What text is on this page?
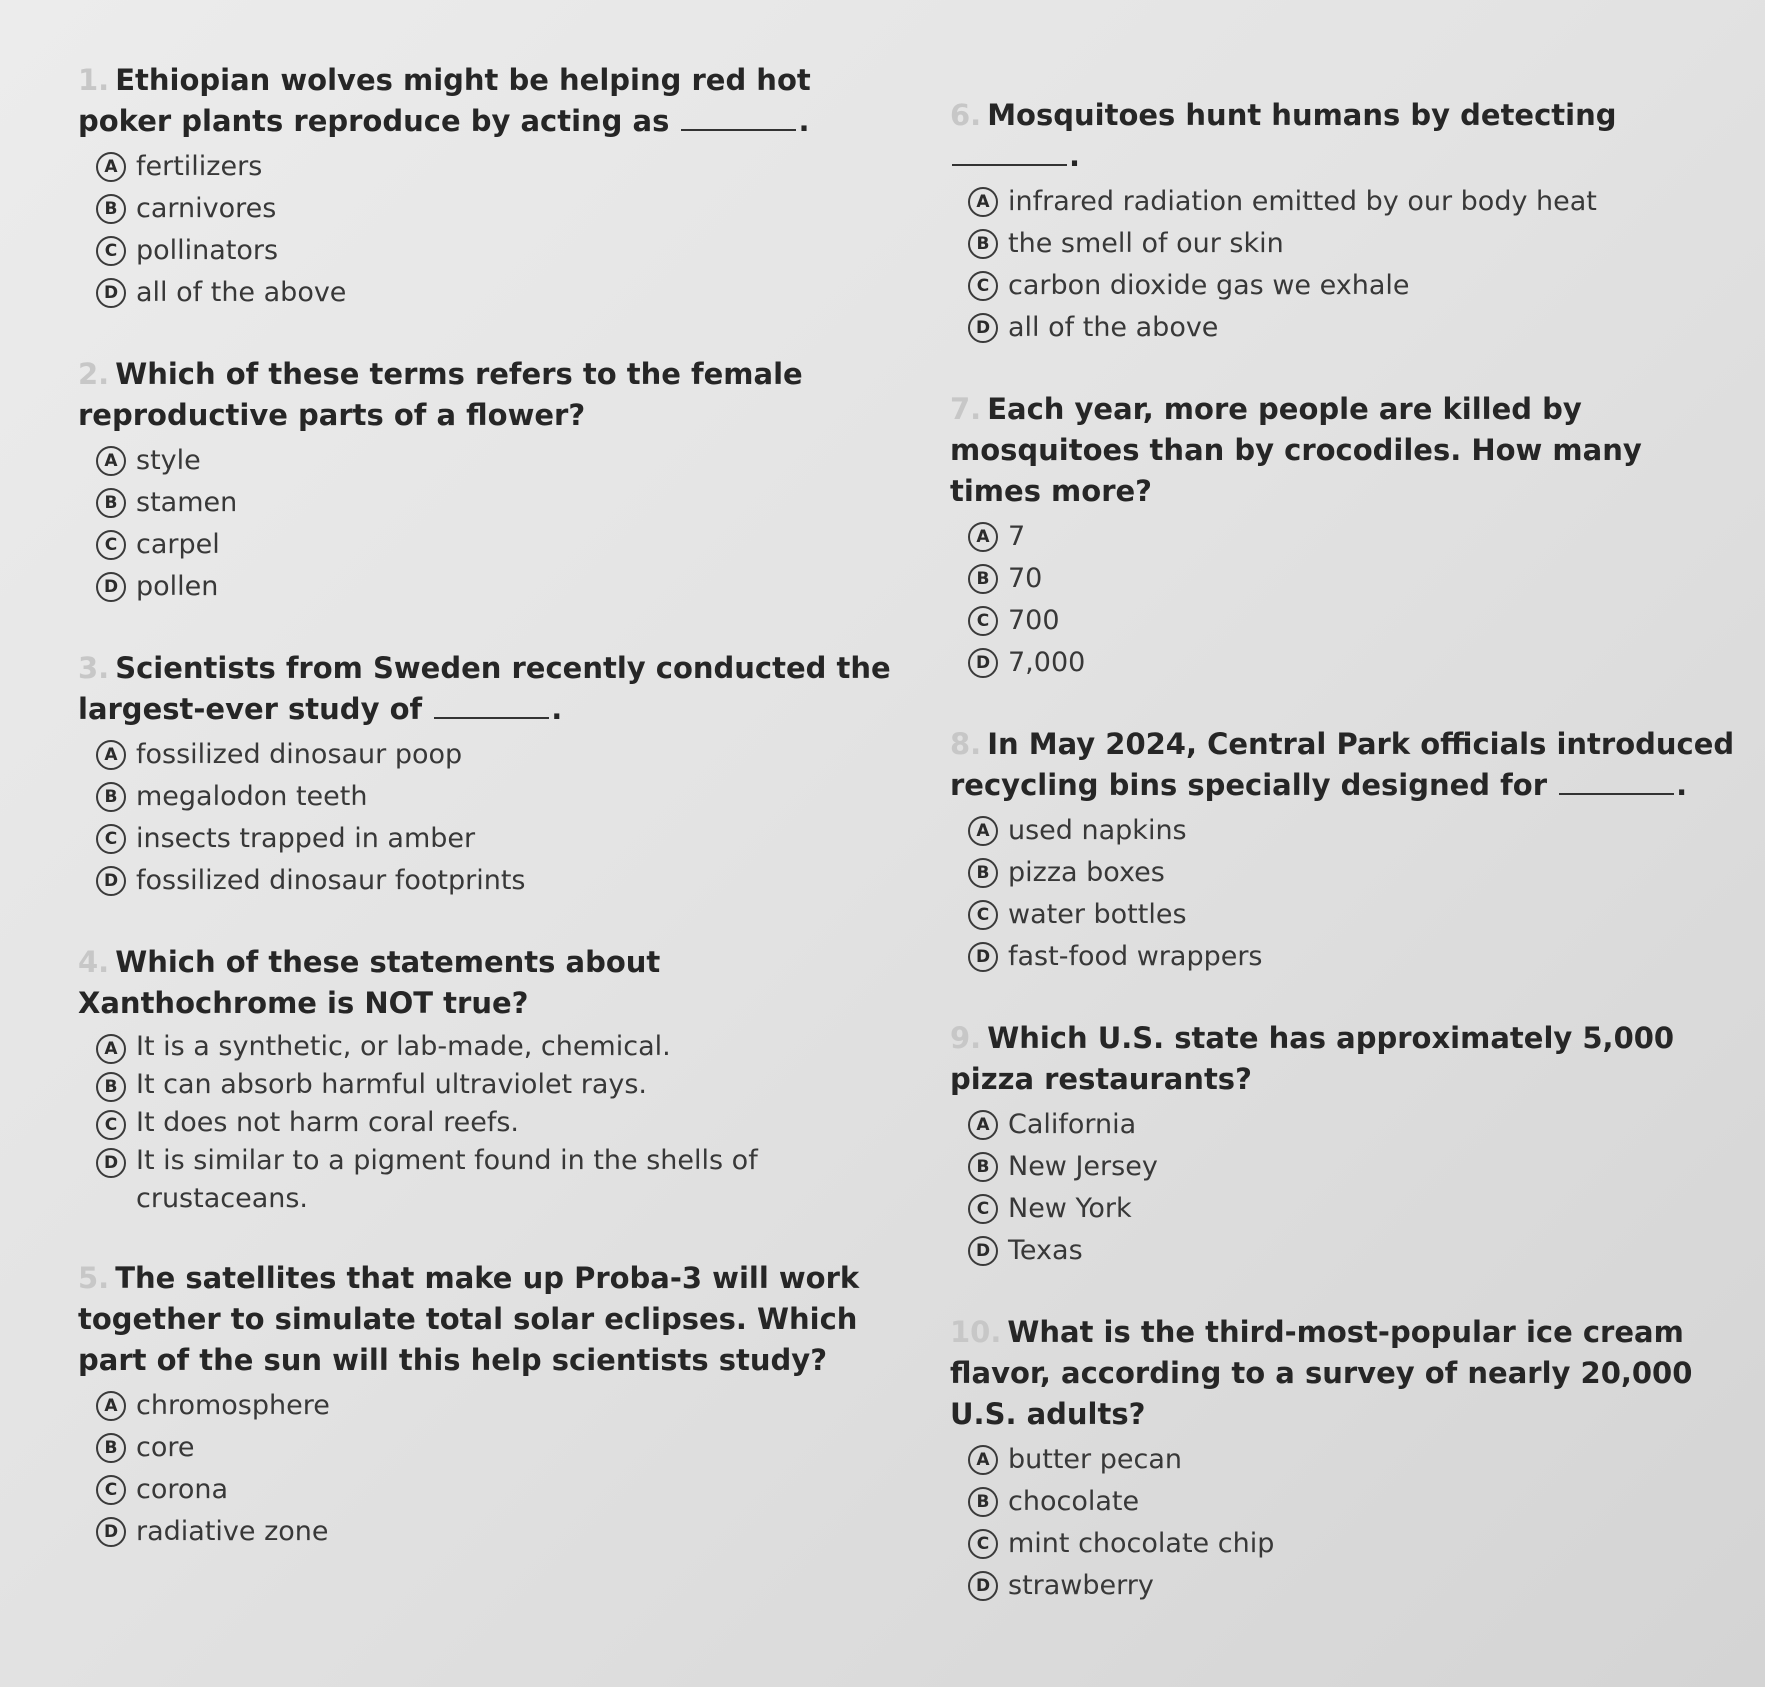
1. Ethiopian wolves might be helping red hot poker plants reproduce by acting as	.

A fertilizers
B carnivores
C pollinators
D all of the above

2. Which of these terms refers to the female reproductive parts of a flower?

A style
B stamen
C carpel
D pollen

3. Scientists from Sweden recently conducted the largest-ever study of	.

A fossilized dinosaur poop
B megalodon teeth
C insects trapped in amber
D fossilized dinosaur footprints

4. Which of these statements about Xanthochrome is NOT true?

A It is a synthetic, or lab-made, chemical.
B It can absorb harmful ultraviolet rays.
C It does not harm coral reefs.
D It is similar to a pigment found in the shells of crustaceans.

5. The satellites that make up Proba-3 will work together to simulate total solar eclipses. Which part of the sun will this help scientists study?

A chromosphere
B core
C corona
D radiative zone

6. Mosquitoes hunt humans by detecting .

A infrared radiation emitted by our body heat
B the smell of our skin
C carbon dioxide gas we exhale
D all of the above

7. Each year, more people are killed by mosquitoes than by crocodiles. How many times more?

A 7
B 70
C 700
D 7,000

8. In May 2024, Central Park officials introduced recycling bins specially designed for	.

A used napkins
B pizza boxes
C water bottles
D fast-food wrappers

9. Which U.S. state has approximately 5,000 pizza restaurants?

A California
B New Jersey
C New York
D Texas

10. What is the third-most-popular ice cream flavor, according to a survey of nearly 20,000 U.S. adults?

A butter pecan
B chocolate
C mint chocolate chip
D strawberry
